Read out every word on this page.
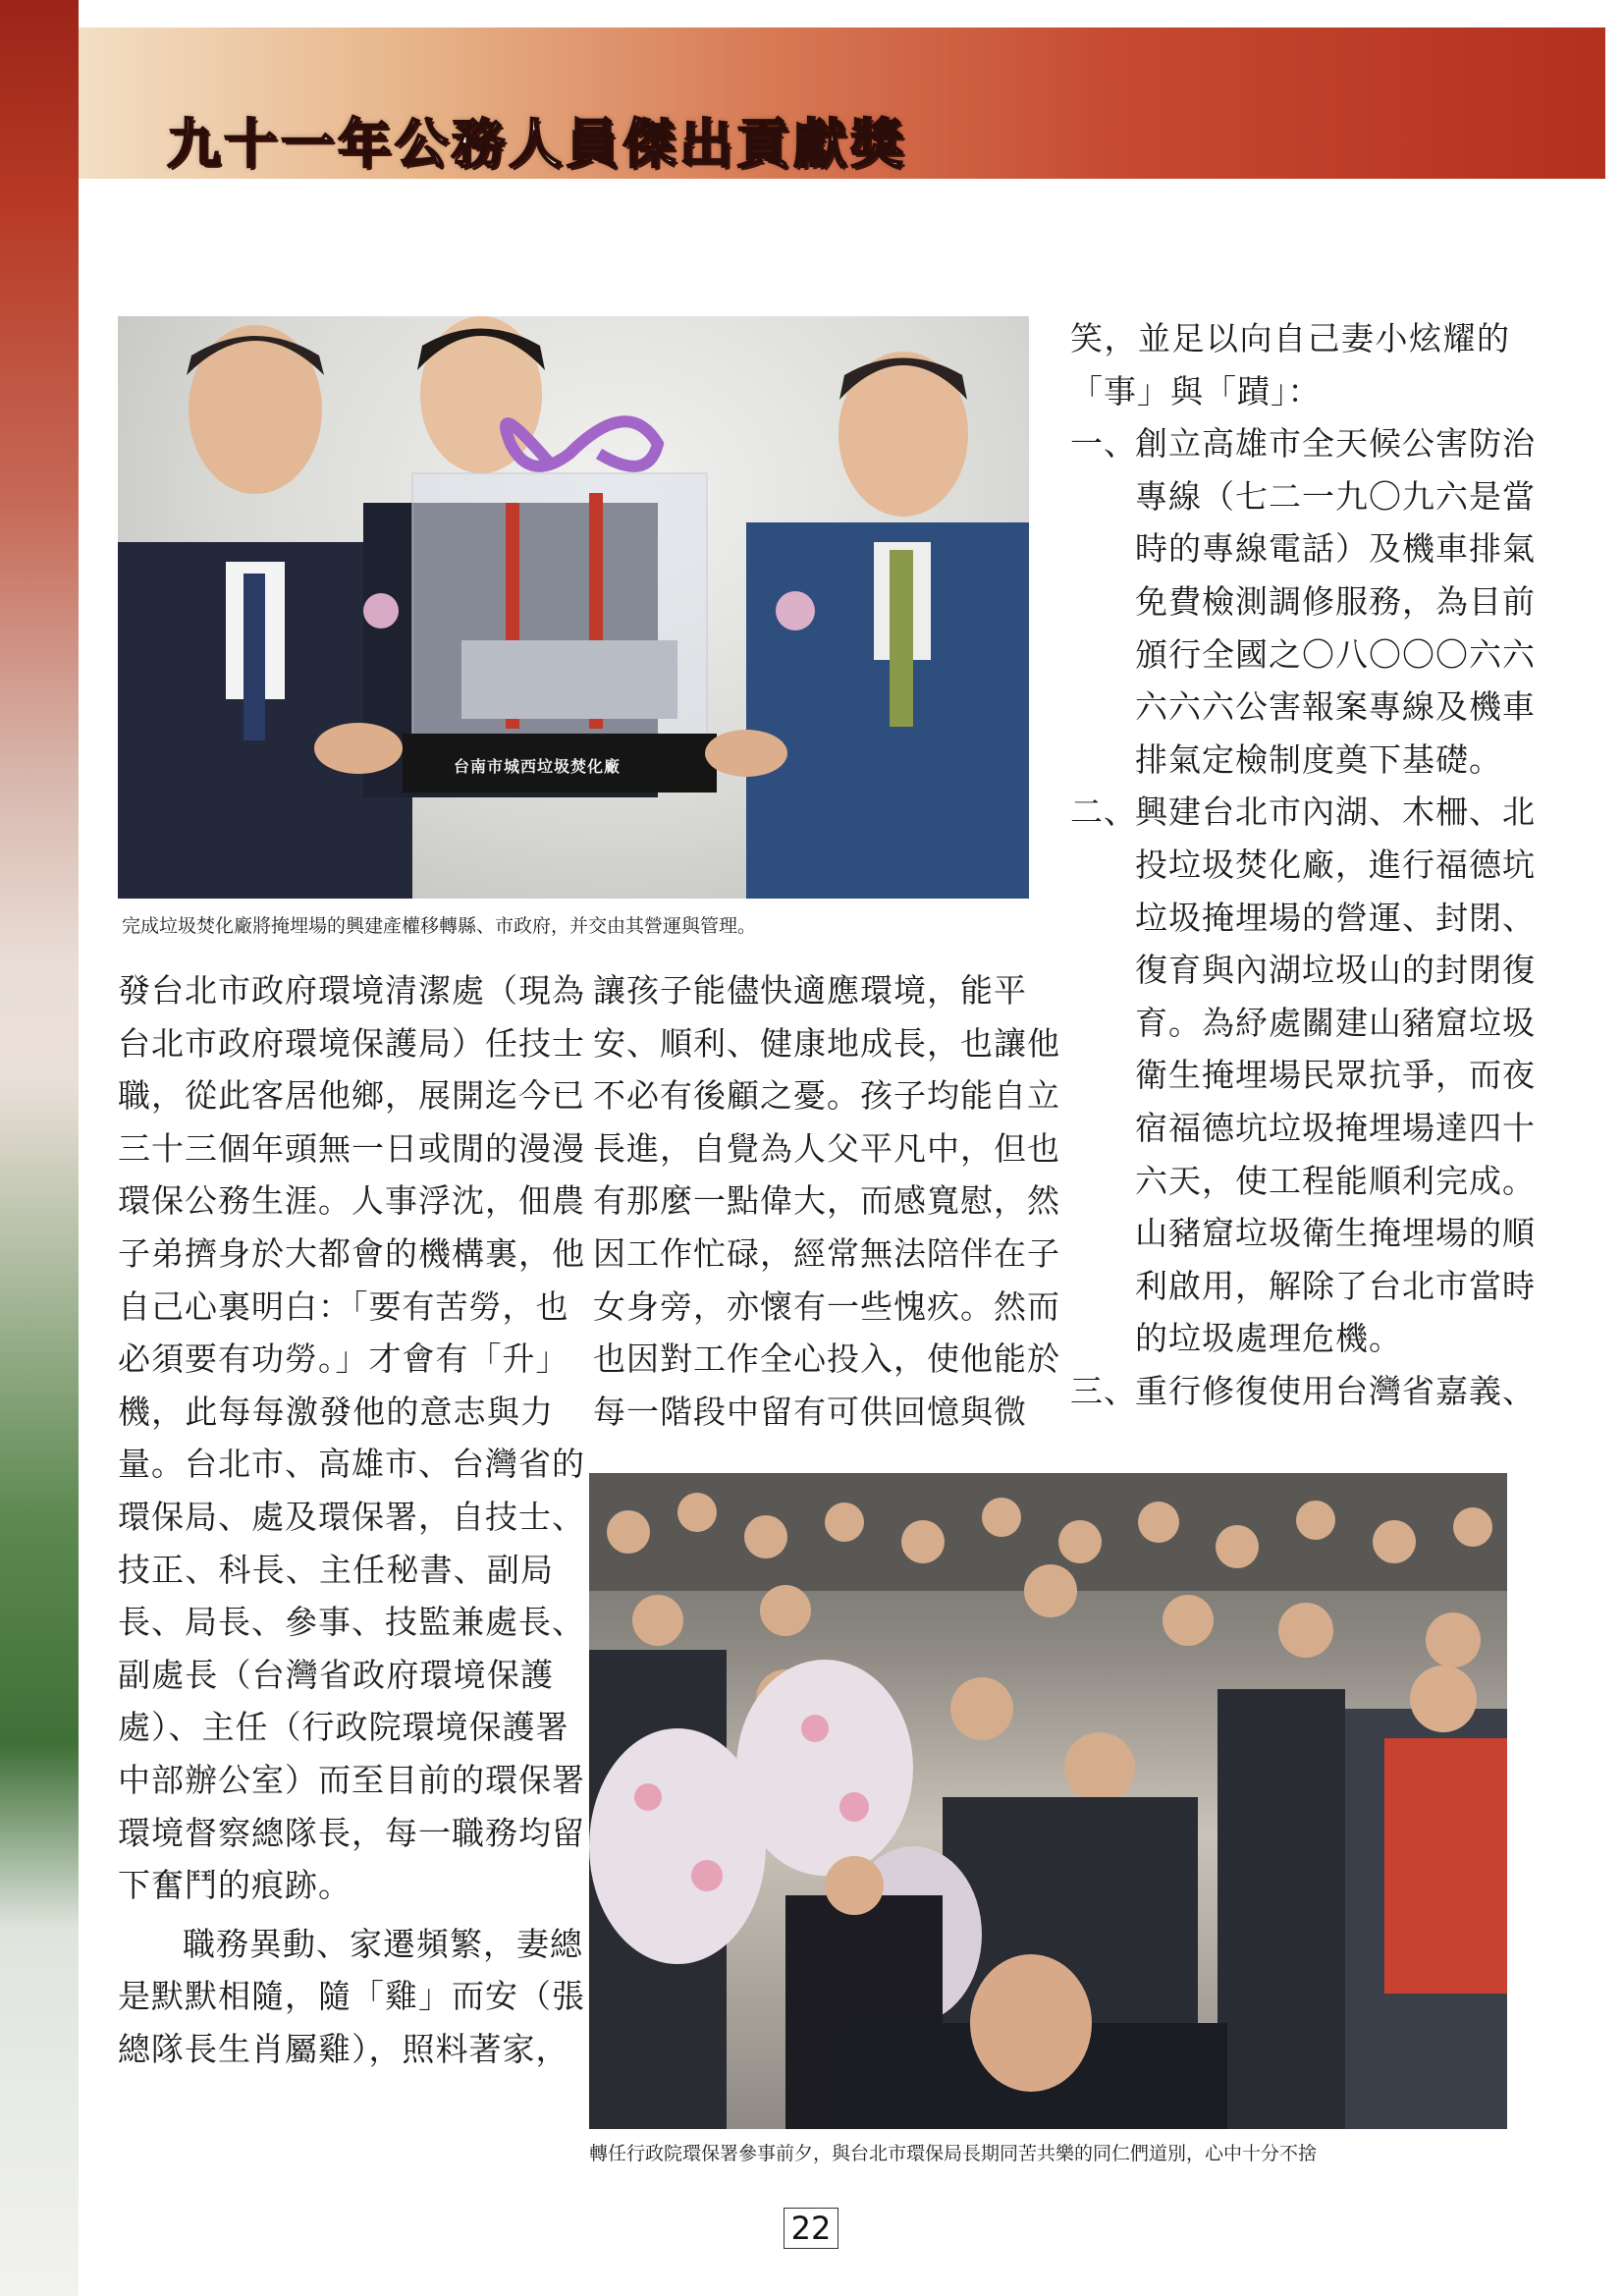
九十一年公務人員傑出貢獻獎
台南市城西垃圾焚化廠
完成垃圾焚化廠將掩埋場的興建產權移轉縣、市政府，并交由其營運與管理。
轉任行政院環保署參事前夕，與台北市環保局長期同苦共樂的同仁們道別，心中十分不捨
發台北市政府環境清潔處（現為
台北市政府環境保護局）任技士
職，從此客居他鄉，展開迄今已
三十三個年頭無一日或閒的漫漫
環保公務生涯。人事浮沈，佃農
子弟擠身於大都會的機構裏，他
自己心裏明白：「要有苦勞，也
必須要有功勞。」才會有「升」
機，此每每激發他的意志與力
量。台北市、高雄市、台灣省的
環保局、處及環保署，自技士、
技正、科長、主任秘書、副局
長、局長、參事、技監兼處長、
副處長（台灣省政府環境保護
處）、主任（行政院環境保護署
中部辦公室）而至目前的環保署
環境督察總隊長，每一職務均留
下奮鬥的痕跡。
職務異動、家遷頻繁，妻總
是默默相隨，隨「雞」而安（張
總隊長生肖屬雞），照料著家，
讓孩子能儘快適應環境，能平
安、順利、健康地成長，也讓他
不必有後顧之憂。孩子均能自立
長進，自覺為人父平凡中，但也
有那麼一點偉大，而感寬慰，然
因工作忙碌，經常無法陪伴在子
女身旁，亦懷有一些愧疚。然而
也因對工作全心投入，使他能於
每一階段中留有可供回憶與微
笑，並足以向自己妻小炫耀的
「事」與「蹟」：
一、創立高雄市全天候公害防治
專線（七二一九〇九六是當
時的專線電話）及機車排氣
免費檢測調修服務，為目前
頒行全國之〇八〇〇〇六六
六六六公害報案專線及機車
排氣定檢制度奠下基礎。
二、興建台北市內湖、木柵、北
投垃圾焚化廠，進行福德坑
垃圾掩埋場的營運、封閉、
復育與內湖垃圾山的封閉復
育。為紓處關建山豬窟垃圾
衛生掩埋場民眾抗爭，而夜
宿福德坑垃圾掩埋場達四十
六天，使工程能順利完成。
山豬窟垃圾衛生掩埋場的順
利啟用，解除了台北市當時
的垃圾處理危機。
三、重行修復使用台灣省嘉義、
22
